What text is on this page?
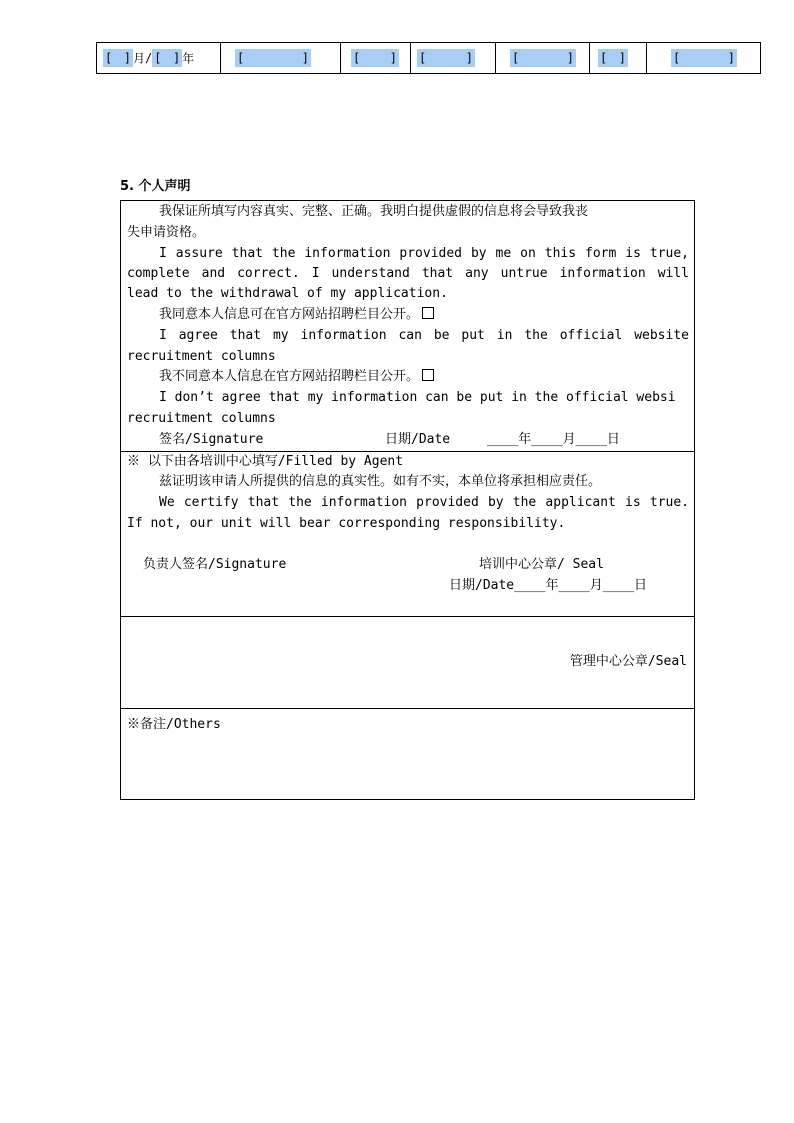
[ ] 月/ [ ] 年	[	]	[ ]	[	]	[	]	[ ]	[	]
5. 个人声明
我保证所填写内容真实、完整、正确。我明白提供虚假的信息将会导致我丧
失申请资格。
I assure that the information provided by me on this form is true,
complete and correct. I understand that any untrue information will
lead to the withdrawal of my application.
我同意本人信息可在官方网站招聘栏目公开。
I agree that my information can be put in the official website
recruitment columns
我不同意本人信息在官方网站招聘栏目公开。
I don’t agree that my information can be put in the official websi
recruitment columns
签名/Signature	日期/Date	____年____月____日
※ 以下由各培训中心填写/Filled by Agent
兹证明该申请人所提供的信息的真实性。如有不实，本单位将承担相应责任。
We certify that the information provided by the applicant is true.
If not, our unit will bear corresponding responsibility.
负责人签名/Signature	培训中心公章/ Seal
日期/Date____年____月____日
管理中心公章/Seal
※备注/Others
